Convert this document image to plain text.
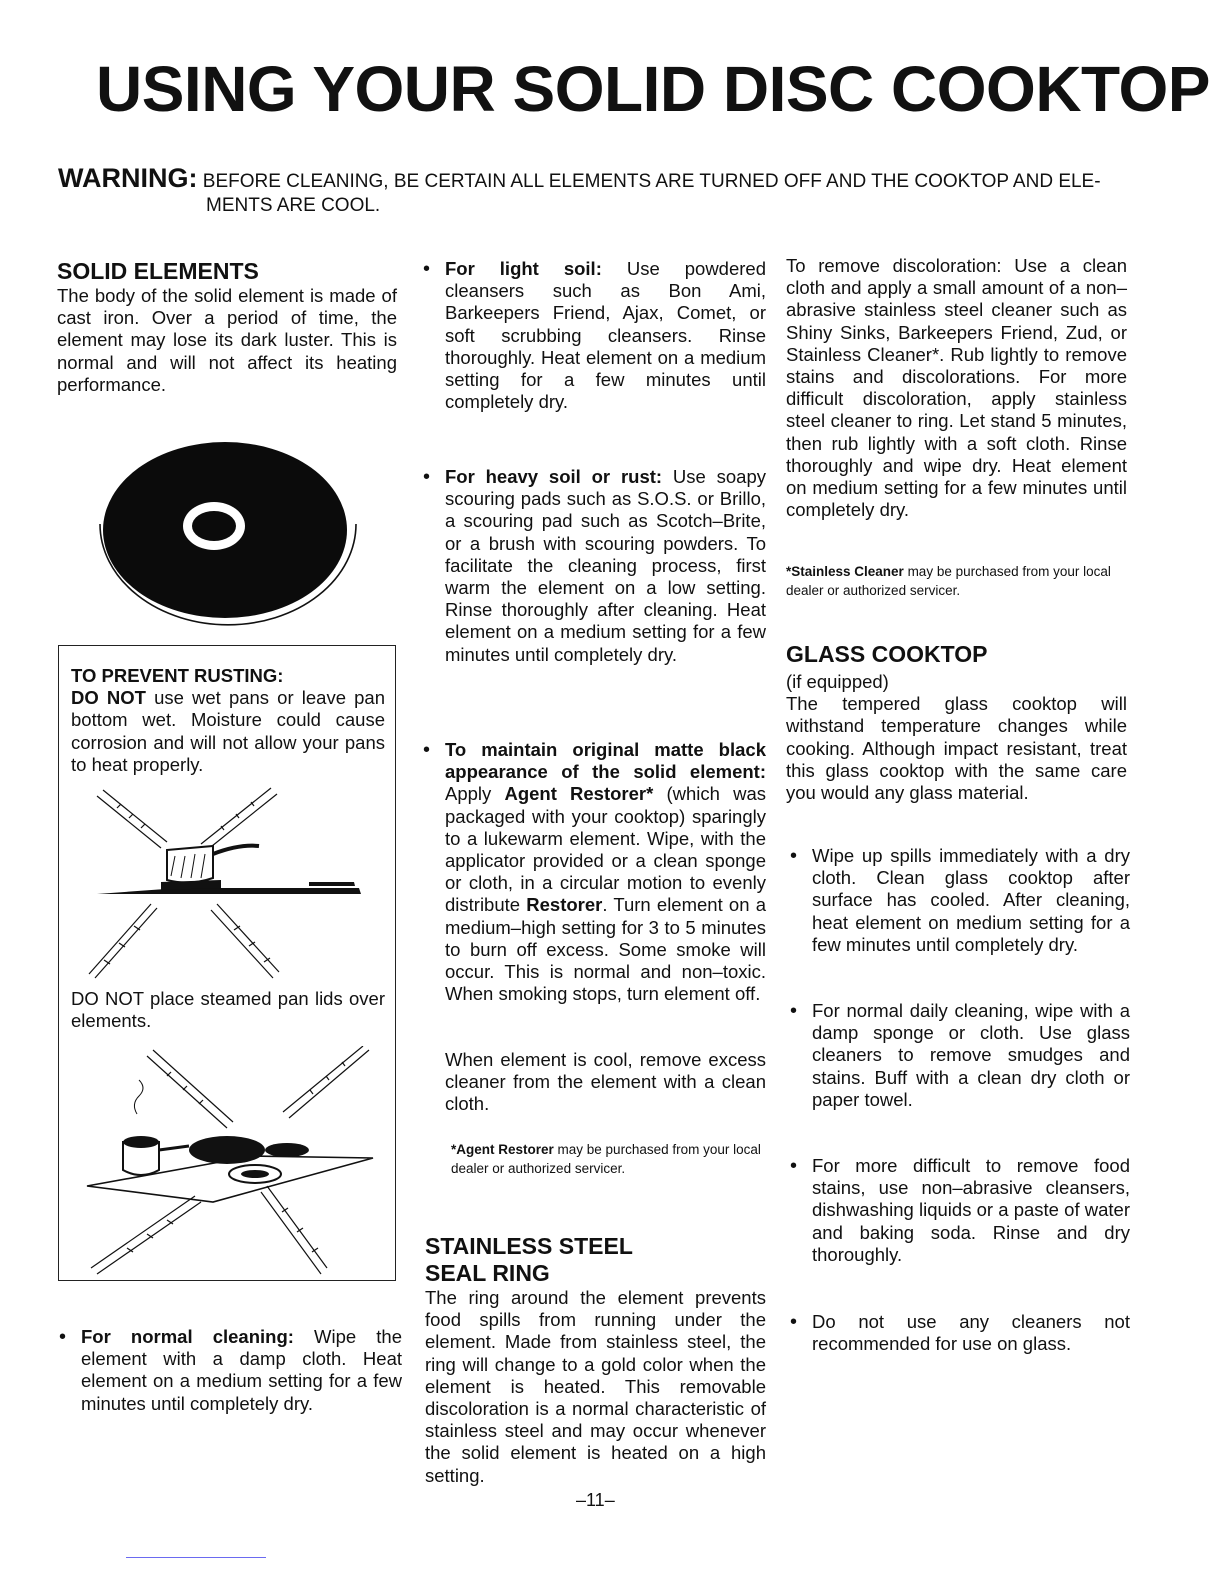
USING YOUR SOLID DISC COOKTOP
WARNING: BEFORE CLEANING, BE CERTAIN ALL ELEMENTS ARE TURNED OFF AND THE COOKTOP AND ELE-
MENTS ARE COOL.
SOLID ELEMENTS

The body of the solid element is made of cast iron. Over a period of time, the element may lose its dark luster. This is normal and will not affect its heating performance.

TO PREVENT RUSTING:

DO NOT use wet pans or leave pan bottom wet. Moisture could cause corrosion and will not allow your pans to heat properly.

DO NOT place steamed pan lids over elements.

• For normal cleaning: Wipe the element with a damp cloth. Heat element on a medium setting for a few minutes until completely dry.

• For light soil: Use powdered cleansers such as Bon Ami, Barkeepers Friend, Ajax, Comet, or soft scrubbing cleansers. Rinse thoroughly. Heat element on a medium setting for a few minutes until completely dry.

• For heavy soil or rust: Use soapy scouring pads such as S.O.S. or Brillo, a scouring pad such as Scotch–Brite, or a brush with scouring powders. To facilitate the cleaning process, first warm the element on a low setting. Rinse thoroughly after cleaning. Heat element on a medium setting for a few minutes until completely dry.

• To maintain original matte black appearance of the solid element: Apply Agent Restorer* (which was packaged with your cooktop) sparingly to a lukewarm element. Wipe, with the applicator provided or a clean sponge or cloth, in a circular motion to evenly distribute Restorer. Turn element on a medium–high setting for 3 to 5 minutes to burn off excess. Some smoke will occur. This is normal and non–toxic. When smoking stops, turn element off.

When element is cool, remove excess cleaner from the element with a clean cloth.

*Agent Restorer may be purchased from your local dealer or authorized servicer.

STAINLESS STEEL
SEAL RING

The ring around the element prevents food spills from running under the element. Made from stainless steel, the ring will change to a gold color when the element is heated. This removable discoloration is a normal characteristic of stainless steel and may occur whenever the solid element is heated on a high setting.

To remove discoloration: Use a clean cloth and apply a small amount of a non–abrasive stainless steel cleaner such as Shiny Sinks, Barkeepers Friend, Zud, or Stainless Cleaner*. Rub lightly to remove stains and discolorations. For more difficult discoloration, apply stainless steel cleaner to ring. Let stand 5 minutes, then rub lightly with a soft cloth. Rinse thoroughly and wipe dry. Heat element on medium setting for a few minutes until completely dry.

*Stainless Cleaner may be purchased from your local dealer or authorized servicer.

GLASS COOKTOP

(if equipped)

The tempered glass cooktop will withstand temperature changes while cooking. Although impact resistant, treat this glass cooktop with the same care you would any glass material.

• Wipe up spills immediately with a dry cloth. Clean glass cooktop after surface has cooled. After cleaning, heat element on medium setting for a few minutes until completely dry.

• For normal daily cleaning, wipe with a damp sponge or cloth. Use glass cleaners to remove smudges and stains. Buff with a clean dry cloth or paper towel.

• For more difficult to remove food stains, use non–abrasive cleansers, dishwashing liquids or a paste of water and baking soda. Rinse and dry thoroughly.

• Do not use any cleaners not recommended for use on glass.

–11–
